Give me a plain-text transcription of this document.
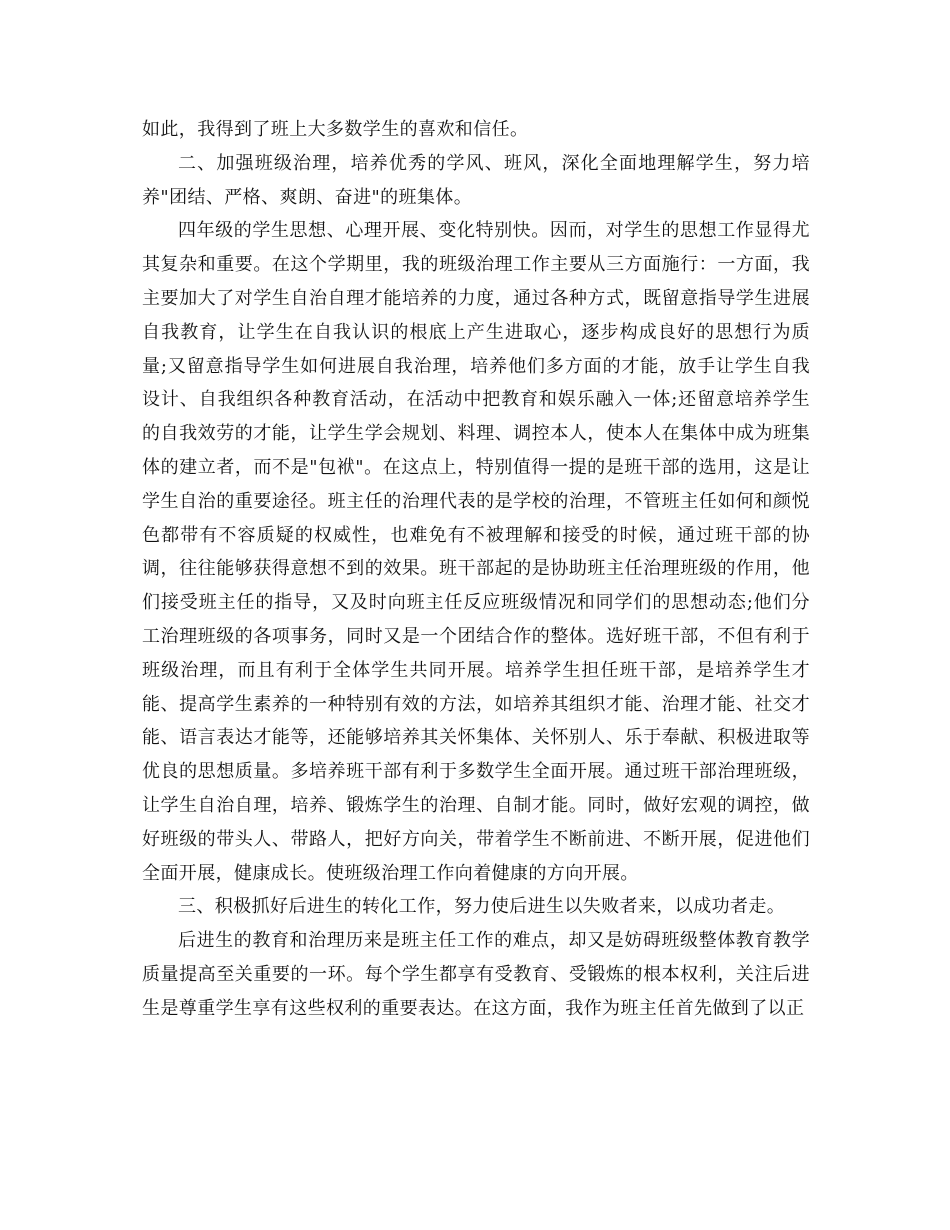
如此，我得到了班上大多数学生的喜欢和信任。

二、加强班级治理，培养优秀的学风、班风，深化全面地理解学生，努力培养"团结、严格、爽朗、奋进"的班集体。

四年级的学生思想、心理开展、变化特别快。因而，对学生的思想工作显得尤其复杂和重要。在这个学期里，我的班级治理工作主要从三方面施行：一方面，我主要加大了对学生自治自理才能培养的力度，通过各种方式，既留意指导学生进展自我教育，让学生在自我认识的根底上产生进取心，逐步构成良好的思想行为质量;又留意指导学生如何进展自我治理，培养他们多方面的才能，放手让学生自我设计、自我组织各种教育活动，在活动中把教育和娱乐融入一体;还留意培养学生的自我效劳的才能，让学生学会规划、料理、调控本人，使本人在集体中成为班集体的建立者，而不是"包袱"。在这点上，特别值得一提的是班干部的选用，这是让学生自治的重要途径。班主任的治理代表的是学校的治理，不管班主任如何和颜悦色都带有不容质疑的权威性，也难免有不被理解和接受的时候，通过班干部的协调，往往能够获得意想不到的效果。班干部起的是协助班主任治理班级的作用，他们接受班主任的指导，又及时向班主任反应班级情况和同学们的思想动态;他们分工治理班级的各项事务，同时又是一个团结合作的整体。选好班干部，不但有利于班级治理，而且有利于全体学生共同开展。培养学生担任班干部，是培养学生才能、提高学生素养的一种特别有效的方法，如培养其组织才能、治理才能、社交才能、语言表达才能等，还能够培养其关怀集体、关怀别人、乐于奉献、积极进取等优良的思想质量。多培养班干部有利于多数学生全面开展。通过班干部治理班级，让学生自治自理，培养、锻炼学生的治理、自制才能。同时，做好宏观的调控，做好班级的带头人、带路人，把好方向关，带着学生不断前进、不断开展，促进他们全面开展，健康成长。使班级治理工作向着健康的方向开展。

三、积极抓好后进生的转化工作，努力使后进生以失败者来，以成功者走。

后进生的教育和治理历来是班主任工作的难点，却又是妨碍班级整体教育教学质量提高至关重要的一环。每个学生都享有受教育、受锻炼的根本权利，关注后进生是尊重学生享有这些权利的重要表达。在这方面，我作为班主任首先做到了以正
